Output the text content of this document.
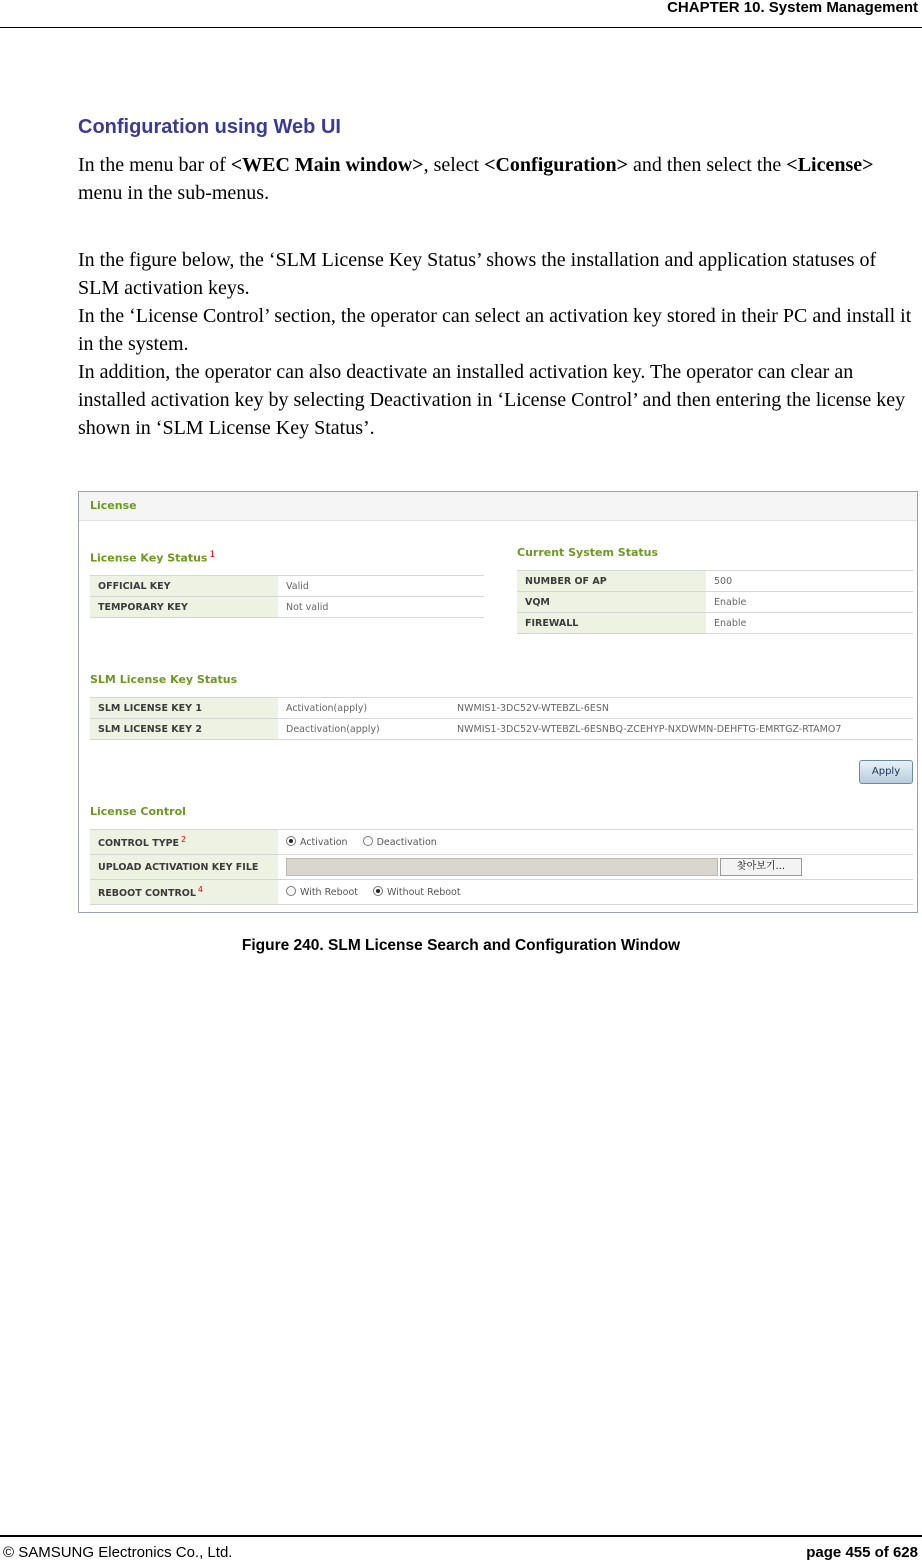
CHAPTER 10. System Management
Configuration using Web UI

In the menu bar of <WEC Main window>, select <Configuration> and then select the <License> menu in the sub-menus.

In the figure below, the ‘SLM License Key Status’ shows the installation and application statuses of SLM activation keys.
In the ‘License Control’ section, the operator can select an activation key stored in their PC and install it in the system.
In addition, the operator can also deactivate an installed activation key. The operator can clear an installed activation key by selecting Deactivation in ‘License Control’ and then entering the license key shown in ‘SLM License Key Status’.
License
License Key Status $^1$
OFFICIAL KEY	Valid
TEMPORARY KEY	Not valid
Current System Status
NUMBER OF AP	500
VQM	Enable
FIREWALL	Enable
SLM License Key Status
SLM LICENSE KEY 1	Activation(apply)	NWMIS1-3DC52V-WTEBZL-6ESN
SLM LICENSE KEY 2	Deactivation(apply)	NWMIS1-3DC52V-WTEBZL-6ESNBQ-ZCEHYP-NXDWMN-DEHFTG-EMRTGZ-RTAMO7
Apply
License Control
CONTROL TYPE $^2$	Activation Deactivation
UPLOAD ACTIVATION KEY FILE	찾아보기...
REBOOT CONTROL $^4$	With Reboot Without Reboot

Figure 240. SLM License Search and Configuration Window

© SAMSUNG Electronics Co., Ltd.	page 455 of 628
